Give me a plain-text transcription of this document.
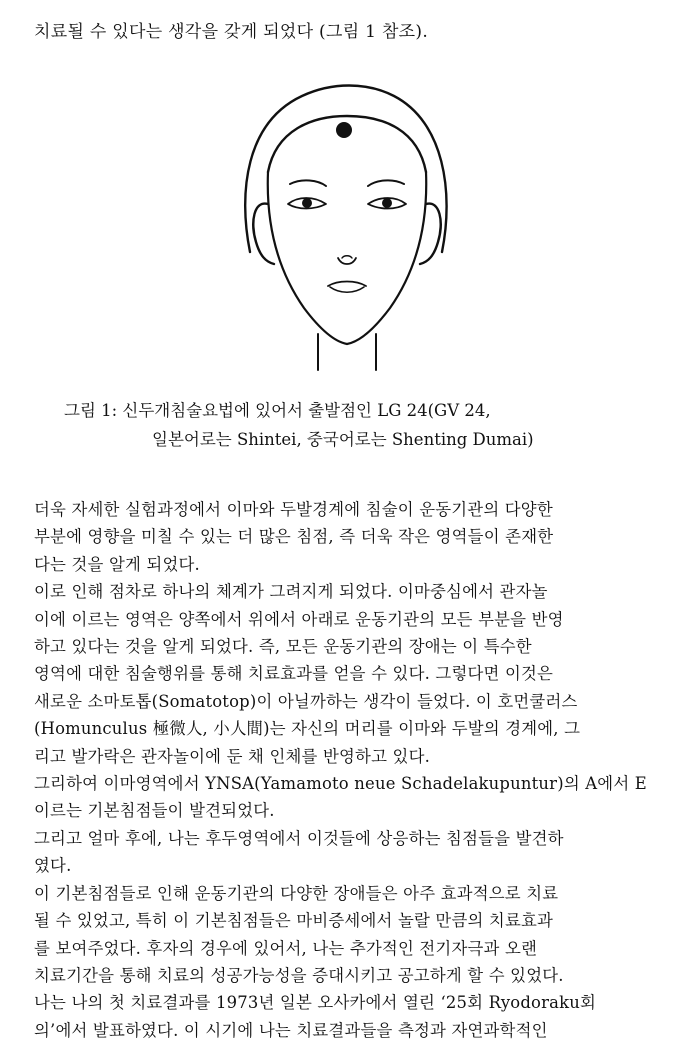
치료될 수 있다는 생각을 갖게 되었다 (그림 1 참조).
그림 1: 신두개침술요법에 있어서 출발점인 LG 24(GV 24,
일본어로는 Shintei, 중국어로는 Shenting Dumai)

더욱 자세한 실험과정에서 이마와 두발경계에 침술이 운동기관의 다양한
부분에 영향을 미칠 수 있는 더 많은 침점, 즉 더욱 작은 영역들이 존재한
다는 것을 알게 되었다.

이로 인해 점차로 하나의 체계가 그려지게 되었다. 이마중심에서 관자놀
이에 이르는 영역은 양쪽에서 위에서 아래로 운동기관의 모든 부분을 반영
하고 있다는 것을 알게 되었다. 즉, 모든 운동기관의 장애는 이 특수한
영역에 대한 침술행위를 통해 치료효과를 얻을 수 있다. 그렇다면 이것은
새로운 소마토톱(Somatotop)이 아닐까하는 생각이 들었다. 이 호먼쿨러스
(Homunculus 極微人, 小人間)는 자신의 머리를 이마와 두발의 경계에, 그
리고 발가락은 관자놀이에 둔 채 인체를 반영하고 있다.

그리하여 이마영역에서 YNSA(Yamamoto neue Schadelakupuntur)의 A에서 E
이르는 기본침점들이 발견되었다.

그리고 얼마 후에, 나는 후두영역에서 이것들에 상응하는 침점들을 발견하
였다.

이 기본침점들로 인해 운동기관의 다양한 장애들은 아주 효과적으로 치료
될 수 있었고, 특히 이 기본침점들은 마비증세에서 놀랄 만큼의 치료효과
를 보여주었다. 후자의 경우에 있어서, 나는 추가적인 전기자극과 오랜
치료기간을 통해 치료의 성공가능성을 증대시키고 공고하게 할 수 있었다.

나는 나의 첫 치료결과를 1973년 일본 오사카에서 열린 ‘25회 Ryodoraku회
의’에서 발표하였다. 이 시기에 나는 치료결과들을 측정과 자연과학적인
